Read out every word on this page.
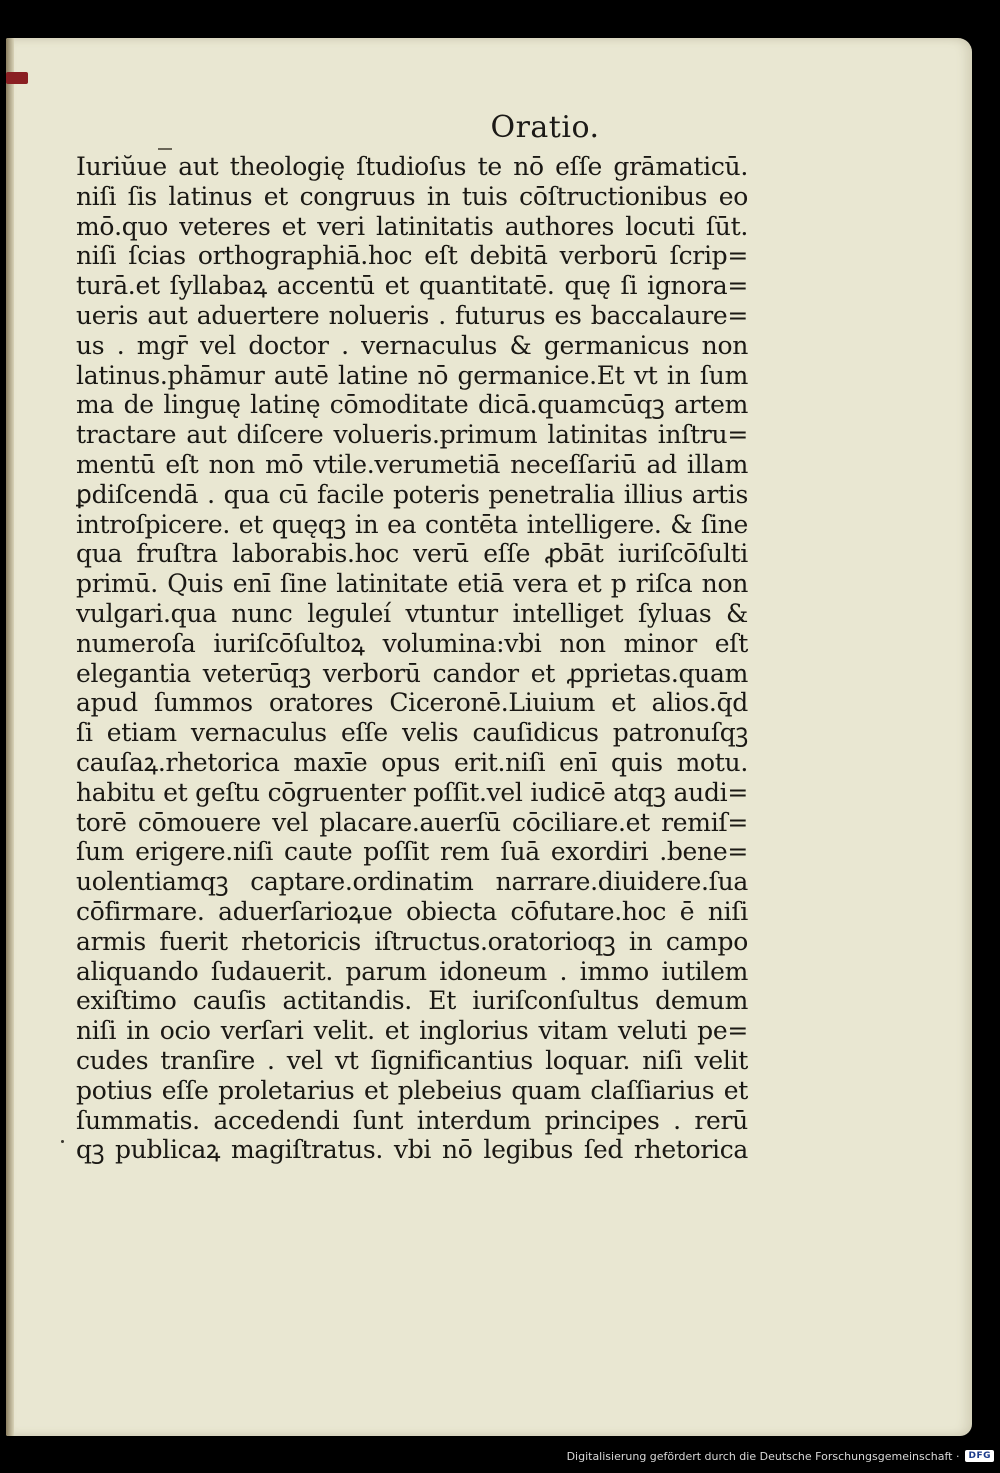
Oratio.
Iuriŭue aut theologię ſtudioſus te nō eſſe grāmaticū.
niſi ſis latinus et congruus in tuis cōſtructionibus eo
mō.quo veteres et veri latinitatis authores locuti ſūt.
niſi ſcias orthographiā.hoc eſt debitā verborū ſcrip=
turā.et ſyllabaꝝ accentū et quantitatē. quę ſi ignora=
ueris aut aduertere nolueris . futurus es baccalaure=
us . mgr̄ vel doctor . vernaculus & germanicus non
latinus.phāmur autē latine nō germanice.Et vt in ſum
ma de linguę latinę cōmoditate dicā.quamcūqꝫ artem
tractare aut diſcere volueris.primum latinitas inſtru=
mentū eſt non mō vtile.verumetiā neceſſariū ad illam
ꝑdiſcendā . qua cū facile poteris penetralia illius artis
introſpicere. et quęqꝫ in ea contēta intelligere. & ſine
qua fruſtra laborabis.hoc verū eſſe ꝓbāt iuriſcōſulti
primū. Quis enī ſine latinitate etiā vera et p riſca non
vulgari.qua nunc leguleí vtuntur intelliget ſyluas &
numeroſa iuriſcōſultoꝝ volumina:vbi non minor eſt
elegantia veterūqꝫ verborū candor et ꝓprietas.quam
apud ſummos oratores Ciceronē.Liuium et alios.q̄d
ſi etiam vernaculus eſſe velis cauſidicus patronuſqꝫ
cauſaꝝ.rhetorica maxīe opus erit.niſi enī quis motu.
habitu et geſtu cōgruenter poſſit.vel iudicē atqꝫ audi=
torē cōmouere vel placare.auerſū cōciliare.et remiſ=
ſum erigere.niſi caute poſſit rem ſuā exordiri .bene=
uolentiamqꝫ captare.ordinatim narrare.diuidere.ſua
cōfirmare. aduerſarioꝝue obiecta cōfutare.hoc ē niſi
armis fuerit rhetoricis iſtructus.oratorioqꝫ in campo
aliquando ſudauerit. parum idoneum . immo iutilem
exiſtimo cauſis actitandis. Et iuriſconſultus demum
niſi in ocio verſari velit. et inglorius vitam veluti pe=
cudes tranſire . vel vt ſignificantius loquar. niſi velit
potius eſſe proletarius et plebeius quam claſſiarius et
ſummatis. accedendi ſunt interdum principes . rerū
qꝫ publicaꝝ magiſtratus. vbi nō legibus ſed rhetorica
Digitalisierung gefördert durch die Deutsche Forschungsgemeinschaft ·	DFG
